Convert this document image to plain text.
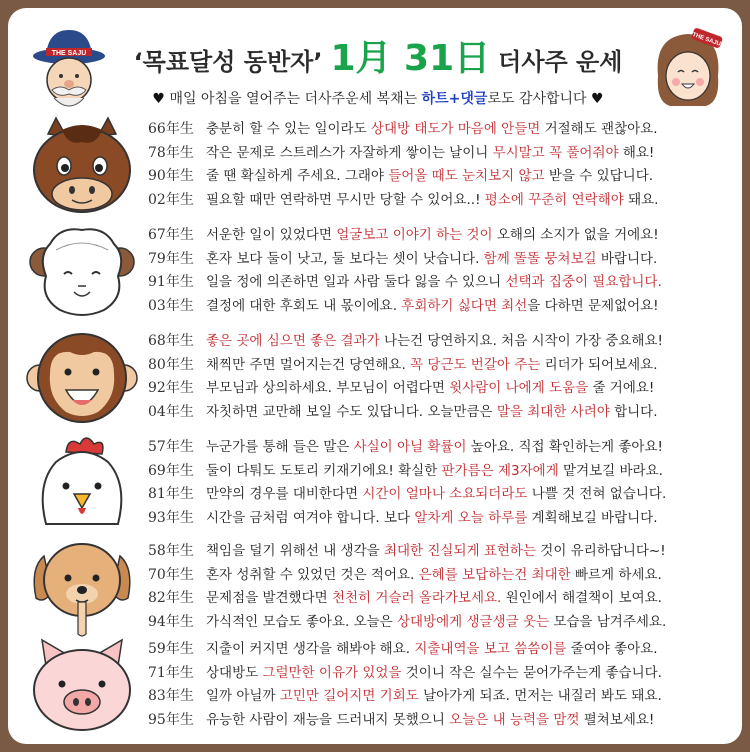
THE SAJU	‘목표달성 동반자’ 1月 31日 더사주 운세
THE SAJU
♥ 매일 아침을 열어주는 더사주운세 복채는 하트+댓글로도 감사합니다 ♥
66年生 충분히 할 수 있는 일이라도 상대방 태도가 마음에 안들면 거절해도 괜찮아요.
78年生 작은 문제로 스트레스가 자잘하게 쌓이는 날이니 무시말고 꼭 풀어줘야 해요!
90年生 줄 땐 확실하게 주세요. 그래야 들어올 때도 눈치보지 않고 받을 수 있답니다.
02年生 필요할 때만 연락하면 무시만 당할 수 있어요..! 평소에 꾸준히 연락해야 돼요.
67年生 서운한 일이 있었다면 얼굴보고 이야기 하는 것이 오해의 소지가 없을 거에요!
79年生 혼자 보다 둘이 낫고, 둘 보다는 셋이 낫습니다. 함께 똘똘 뭉쳐보길 바랍니다.
91年生 일을 정에 의존하면 일과 사람 둘다 잃을 수 있으니 선택과 집중이 필요합니다.
03年生 결정에 대한 후회도 내 몫이에요. 후회하기 싫다면 최선을 다하면 문제없어요!
68年生 좋은 곳에 심으면 좋은 결과가 나는건 당연하지요. 처음 시작이 가장 중요해요!
80年生 채찍만 주면 멀어지는건 당연해요. 꼭 당근도 번갈아 주는 리더가 되어보세요.
92年生 부모님과 상의하세요. 부모님이 어렵다면 윗사람이 나에게 도움을 줄 거에요!
04年生 자칫하면 교만해 보일 수도 있답니다. 오늘만큼은 말을 최대한 사려야 합니다.
57年生 누군가를 통해 들은 말은 사실이 아닐 확률이 높아요. 직접 확인하는게 좋아요!
69年生 둘이 다퉈도 도토리 키재기에요! 확실한 판가름은 제3자에게 맡겨보길 바라요.
81年生 만약의 경우를 대비한다면 시간이 얼마나 소요되더라도 나쁠 것 전혀 없습니다.
93年生 시간을 금처럼 여겨야 합니다. 보다 알차게 오늘 하루를 계획해보길 바랍니다.
58年生 책임을 덜기 위해선 내 생각을 최대한 진실되게 표현하는 것이 유리하답니다~!
70年生 혼자 성취할 수 있었던 것은 적어요. 은혜를 보답하는건 최대한 빠르게 하세요.
82年生 문제점을 발견했다면 천천히 거슬러 올라가보세요. 원인에서 해결책이 보여요.
94年生 가식적인 모습도 좋아요. 오늘은 상대방에게 생글생글 웃는 모습을 남겨주세요.
59年生 지출이 커지면 생각을 해봐야 해요. 지출내역을 보고 씀씀이를 줄여야 좋아요.
71年生 상대방도 그럴만한 이유가 있었을 것이니 작은 실수는 묻어가주는게 좋습니다.
83年生 일까 아닐까 고민만 길어지면 기회도 날아가게 되죠. 먼저는 내질러 봐도 돼요.
95年生 유능한 사람이 재능을 드러내지 못했으니 오늘은 내 능력을 맘껏 펼쳐보세요!
